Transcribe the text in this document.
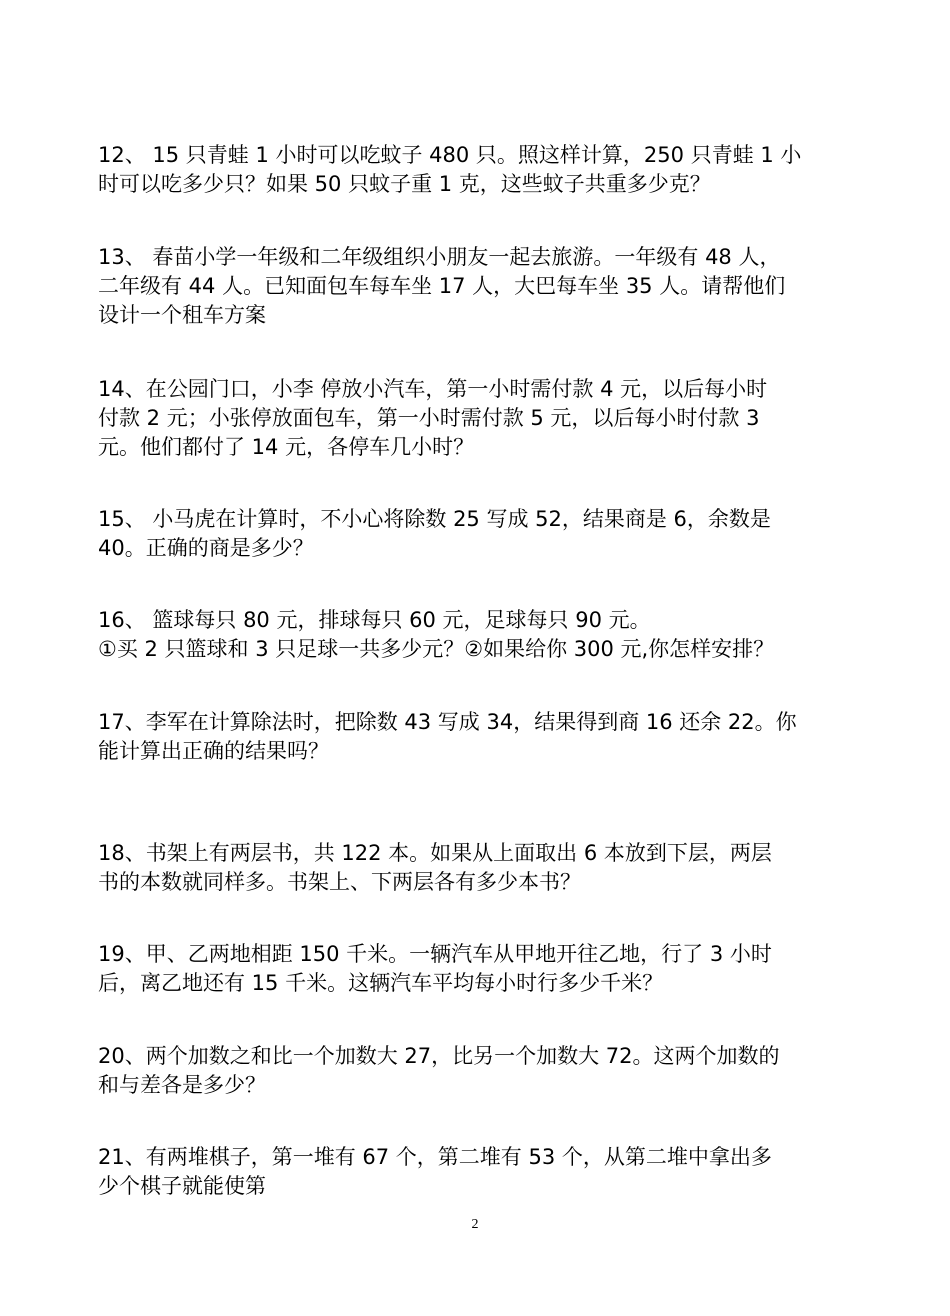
12、 15 只青蛙 1 小时可以吃蚊子 480 只。照这样计算，250 只青蛙 1 小
时可以吃多少只？如果 50 只蚊子重 1 克，这些蚊子共重多少克？
13、 春苗小学一年级和二年级组织小朋友一起去旅游。一年级有 48 人，
二年级有 44 人。已知面包车每车坐 17 人，大巴每车坐 35 人。请帮他们
设计一个租车方案
14、在公园门口，小李 停放小汽车，第一小时需付款 4 元，以后每小时
付款 2 元；小张停放面包车，第一小时需付款 5 元，以后每小时付款 3
元。他们都付了 14 元，各停车几小时？
15、 小马虎在计算时，不小心将除数 25 写成 52，结果商是 6，余数是
40。正确的商是多少？
16、 篮球每只 80 元，排球每只 60 元，足球每只 90 元。
①买 2 只篮球和 3 只足球一共多少元？②如果给你 300 元,你怎样安排？
17、李军在计算除法时，把除数 43 写成 34，结果得到商 16 还余 22。你
能计算出正确的结果吗？
18、书架上有两层书，共 122 本。如果从上面取出 6 本放到下层，两层
书的本数就同样多。书架上、下两层各有多少本书？
19、甲、乙两地相距 150 千米。一辆汽车从甲地开往乙地，行了 3 小时
后，离乙地还有 15 千米。这辆汽车平均每小时行多少千米？
20、两个加数之和比一个加数大 27，比另一个加数大 72。这两个加数的
和与差各是多少？
21、有两堆棋子，第一堆有 67 个，第二堆有 53 个，从第二堆中拿出多
少个棋子就能使第
2
